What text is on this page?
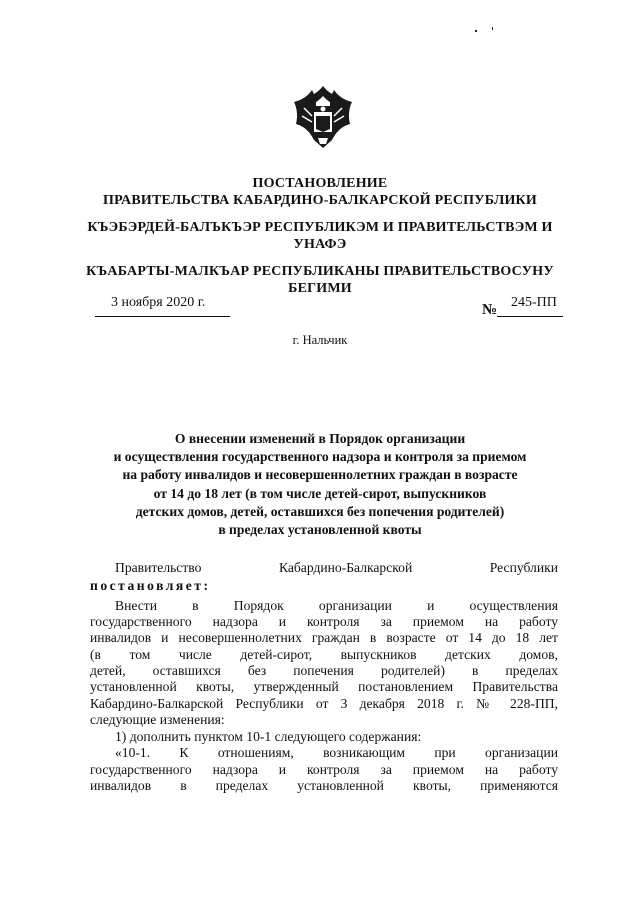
ПОСТАНОВЛЕНИЕ
ПРАВИТЕЛЬСТВА КАБАРДИНО-БАЛКАРСКОЙ РЕСПУБЛИКИ
КЪЭБЭРДЕЙ-БАЛЪКЪЭР РЕСПУБЛИКЭМ И ПРАВИТЕЛЬСТВЭМ И
УНАФЭ
КЪАБАРТЫ-МАЛКЪАР РЕСПУБЛИКАНЫ ПРАВИТЕЛЬСТВОСУНУ
БЕГИМИ
3 ноября 2020 г.	№ 245-ПП
г. Нальчик
О внесении изменений в Порядок организации
и осуществления государственного надзора и контроля за приемом
на работу инвалидов и несовершеннолетних граждан в возрасте
от 14 до 18 лет (в том числе детей-сирот, выпускников
детских домов, детей, оставшихся без попечения родителей)
в пределах установленной квоты
Правительство	Кабардино-Балкарской	Республики
постановляет:
Внести в Порядок организации и осуществления
государственного надзора и контроля за приемом на работу
инвалидов и несовершеннолетних граждан в возрасте от 14 до 18 лет
(в том числе детей-сирот, выпускников детских домов,
детей, оставшихся без попечения родителей) в пределах
установленной квоты, утвержденный постановлением Правительства
Кабардино-Балкарской Республики от 3 декабря 2018 г. № 228-ПП,
следующие изменения:
1) дополнить пунктом 10-1 следующего содержания:
«10-1. К отношениям, возникающим при организации
государственного надзора и контроля за приемом на работу
инвалидов в пределах установленной квоты, применяются
